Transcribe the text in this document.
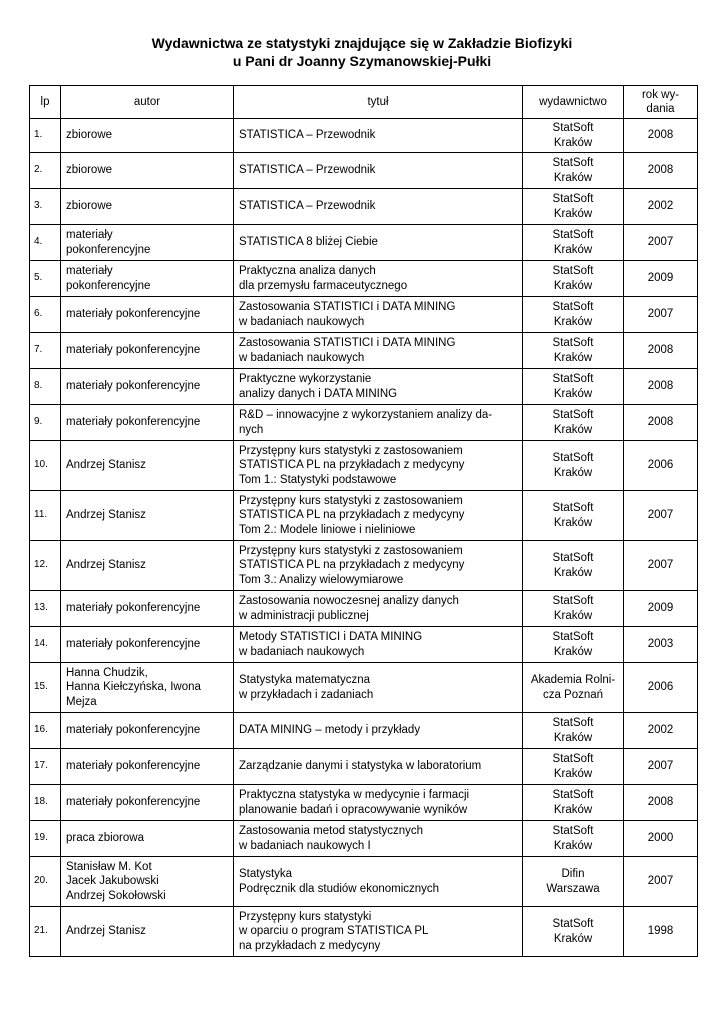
Wydawnictwa ze statystyki znajdujące się w Zakładzie Biofizyki
u Pani dr Joanny Szymanowskiej-Pułki
lp	autor	tytuł	wydawnictwo	rok wy-
dania
1.	zbiorowe	STATISTICA – Przewodnik	StatSoft
Kraków	2008
2.	zbiorowe	STATISTICA – Przewodnik	StatSoft
Kraków	2008
3.	zbiorowe	STATISTICA – Przewodnik	StatSoft
Kraków	2002
4.	materiały
pokonferencyjne	STATISTICA 8 bliżej Ciebie	StatSoft
Kraków	2007
5.	materiały
pokonferencyjne	Praktyczna analiza danych
dla przemysłu farmaceutycznego	StatSoft
Kraków	2009
6.	materiały pokonferencyjne	Zastosowania STATISTICI i DATA MINING
w badaniach naukowych	StatSoft
Kraków	2007
7.	materiały pokonferencyjne	Zastosowania STATISTICI i DATA MINING
w badaniach naukowych	StatSoft
Kraków	2008
8.	materiały pokonferencyjne	Praktyczne wykorzystanie
analizy danych i DATA MINING	StatSoft
Kraków	2008
9.	materiały pokonferencyjne	R&D – innowacyjne z wykorzystaniem analizy da-
nych	StatSoft
Kraków	2008
10.	Andrzej Stanisz	Przystępny kurs statystyki z zastosowaniem
STATISTICA PL na przykładach z medycyny
Tom 1.: Statystyki podstawowe	StatSoft
Kraków	2006
11.	Andrzej Stanisz	Przystępny kurs statystyki z zastosowaniem
STATISTICA PL na przykładach z medycyny
Tom 2.: Modele liniowe i nieliniowe	StatSoft
Kraków	2007
12.	Andrzej Stanisz	Przystępny kurs statystyki z zastosowaniem
STATISTICA PL na przykładach z medycyny
Tom 3.: Analizy wielowymiarowe	StatSoft
Kraków	2007
13.	materiały pokonferencyjne	Zastosowania nowoczesnej analizy danych
w administracji publicznej	StatSoft
Kraków	2009
14.	materiały pokonferencyjne	Metody STATISTICI i DATA MINING
w badaniach naukowych	StatSoft
Kraków	2003
15.	Hanna Chudzik,
Hanna Kiełczyńska, Iwona
Mejza	Statystyka matematyczna
w przykładach i zadaniach	Akademia Rolni-
cza Poznań	2006
16.	materiały pokonferencyjne	DATA MINING – metody i przykłady	StatSoft
Kraków	2002
17.	materiały pokonferencyjne	Zarządzanie danymi i statystyka w laboratorium	StatSoft
Kraków	2007
18.	materiały pokonferencyjne	Praktyczna statystyka w medycynie i farmacji
planowanie badań i opracowywanie wyników	StatSoft
Kraków	2008
19.	praca zbiorowa	Zastosowania metod statystycznych
w badaniach naukowych I	StatSoft
Kraków	2000
20.	Stanisław M. Kot
Jacek Jakubowski
Andrzej Sokołowski	Statystyka
Podręcznik dla studiów ekonomicznych	Difin
Warszawa	2007
21.	Andrzej Stanisz	Przystępny kurs statystyki
w oparciu o program STATISTICA PL
na przykładach z medycyny	StatSoft
Kraków	1998
